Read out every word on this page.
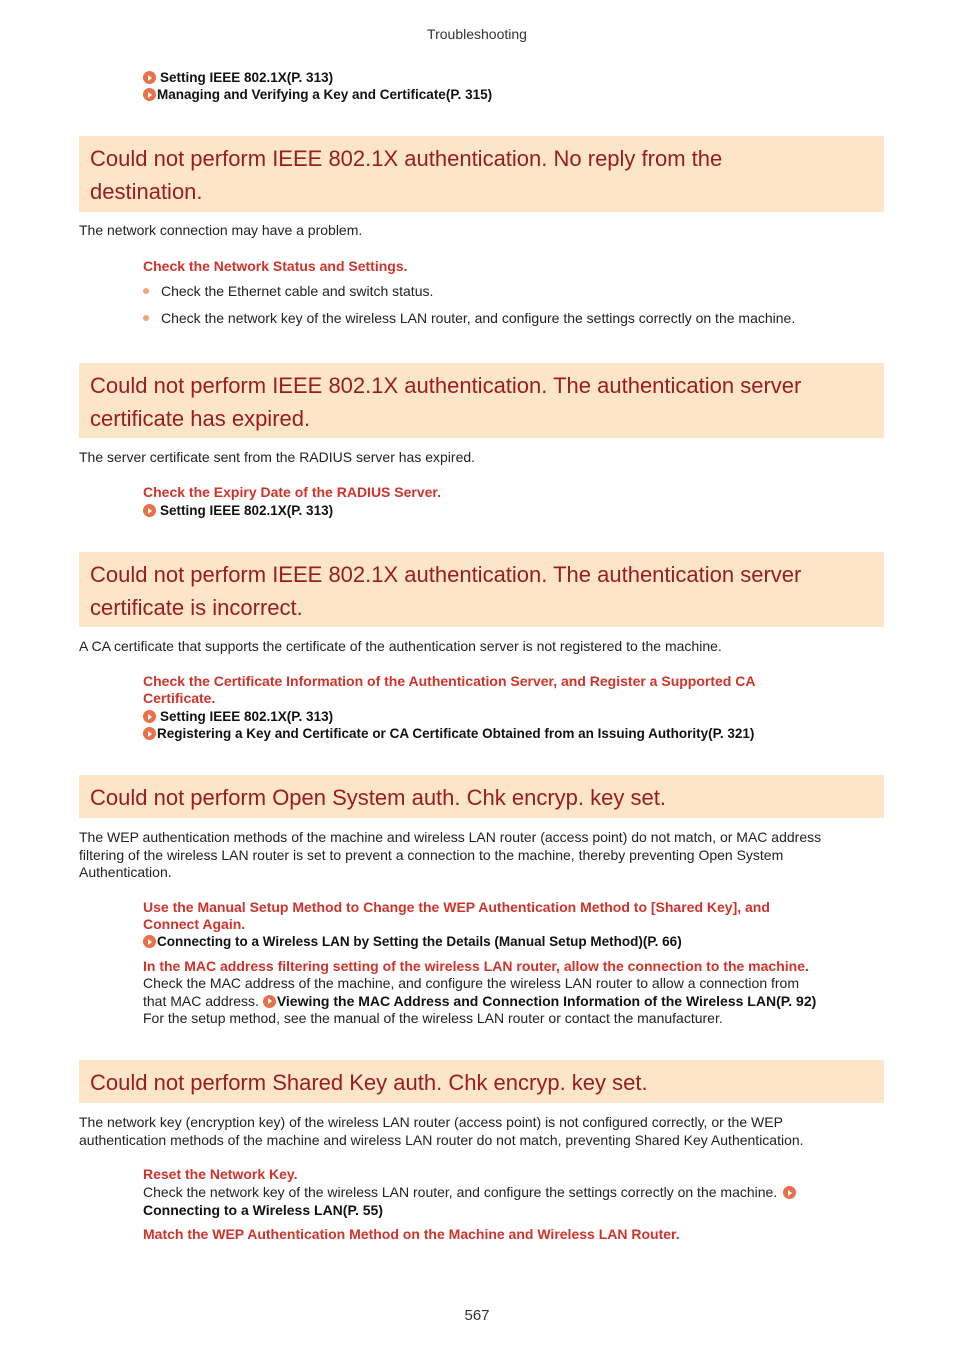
Troubleshooting
Setting IEEE 802.1X(P. 313)
Managing and Verifying a Key and Certificate(P. 315)
Could not perform IEEE 802.1X authentication. No reply from the
destination.
The network connection may have a problem.
Check the Network Status and Settings.
Check the Ethernet cable and switch status.
Check the network key of the wireless LAN router, and configure the settings correctly on the machine.
Could not perform IEEE 802.1X authentication. The authentication server
certificate has expired.
The server certificate sent from the RADIUS server has expired.
Check the Expiry Date of the RADIUS Server.
Setting IEEE 802.1X(P. 313)
Could not perform IEEE 802.1X authentication. The authentication server
certificate is incorrect.
A CA certificate that supports the certificate of the authentication server is not registered to the machine.
Check the Certificate Information of the Authentication Server, and Register a Supported CA
Certificate.
Setting IEEE 802.1X(P. 313)
Registering a Key and Certificate or CA Certificate Obtained from an Issuing Authority(P. 321)
Could not perform Open System auth. Chk encryp. key set.
The WEP authentication methods of the machine and wireless LAN router (access point) do not match, or MAC address
filtering of the wireless LAN router is set to prevent a connection to the machine, thereby preventing Open System
Authentication.
Use the Manual Setup Method to Change the WEP Authentication Method to [Shared Key], and
Connect Again.
Connecting to a Wireless LAN by Setting the Details (Manual Setup Method)(P. 66)
In the MAC address filtering setting of the wireless LAN router, allow the connection to the machine.
Check the MAC address of the machine, and configure the wireless LAN router to allow a connection from
that MAC address. Viewing the MAC Address and Connection Information of the Wireless LAN(P. 92)
For the setup method, see the manual of the wireless LAN router or contact the manufacturer.
Could not perform Shared Key auth. Chk encryp. key set.
The network key (encryption key) of the wireless LAN router (access point) is not configured correctly, or the WEP
authentication methods of the machine and wireless LAN router do not match, preventing Shared Key Authentication.
Reset the Network Key.
Check the network key of the wireless LAN router, and configure the settings correctly on the machine.
Connecting to a Wireless LAN(P. 55)
Match the WEP Authentication Method on the Machine and Wireless LAN Router.
567
